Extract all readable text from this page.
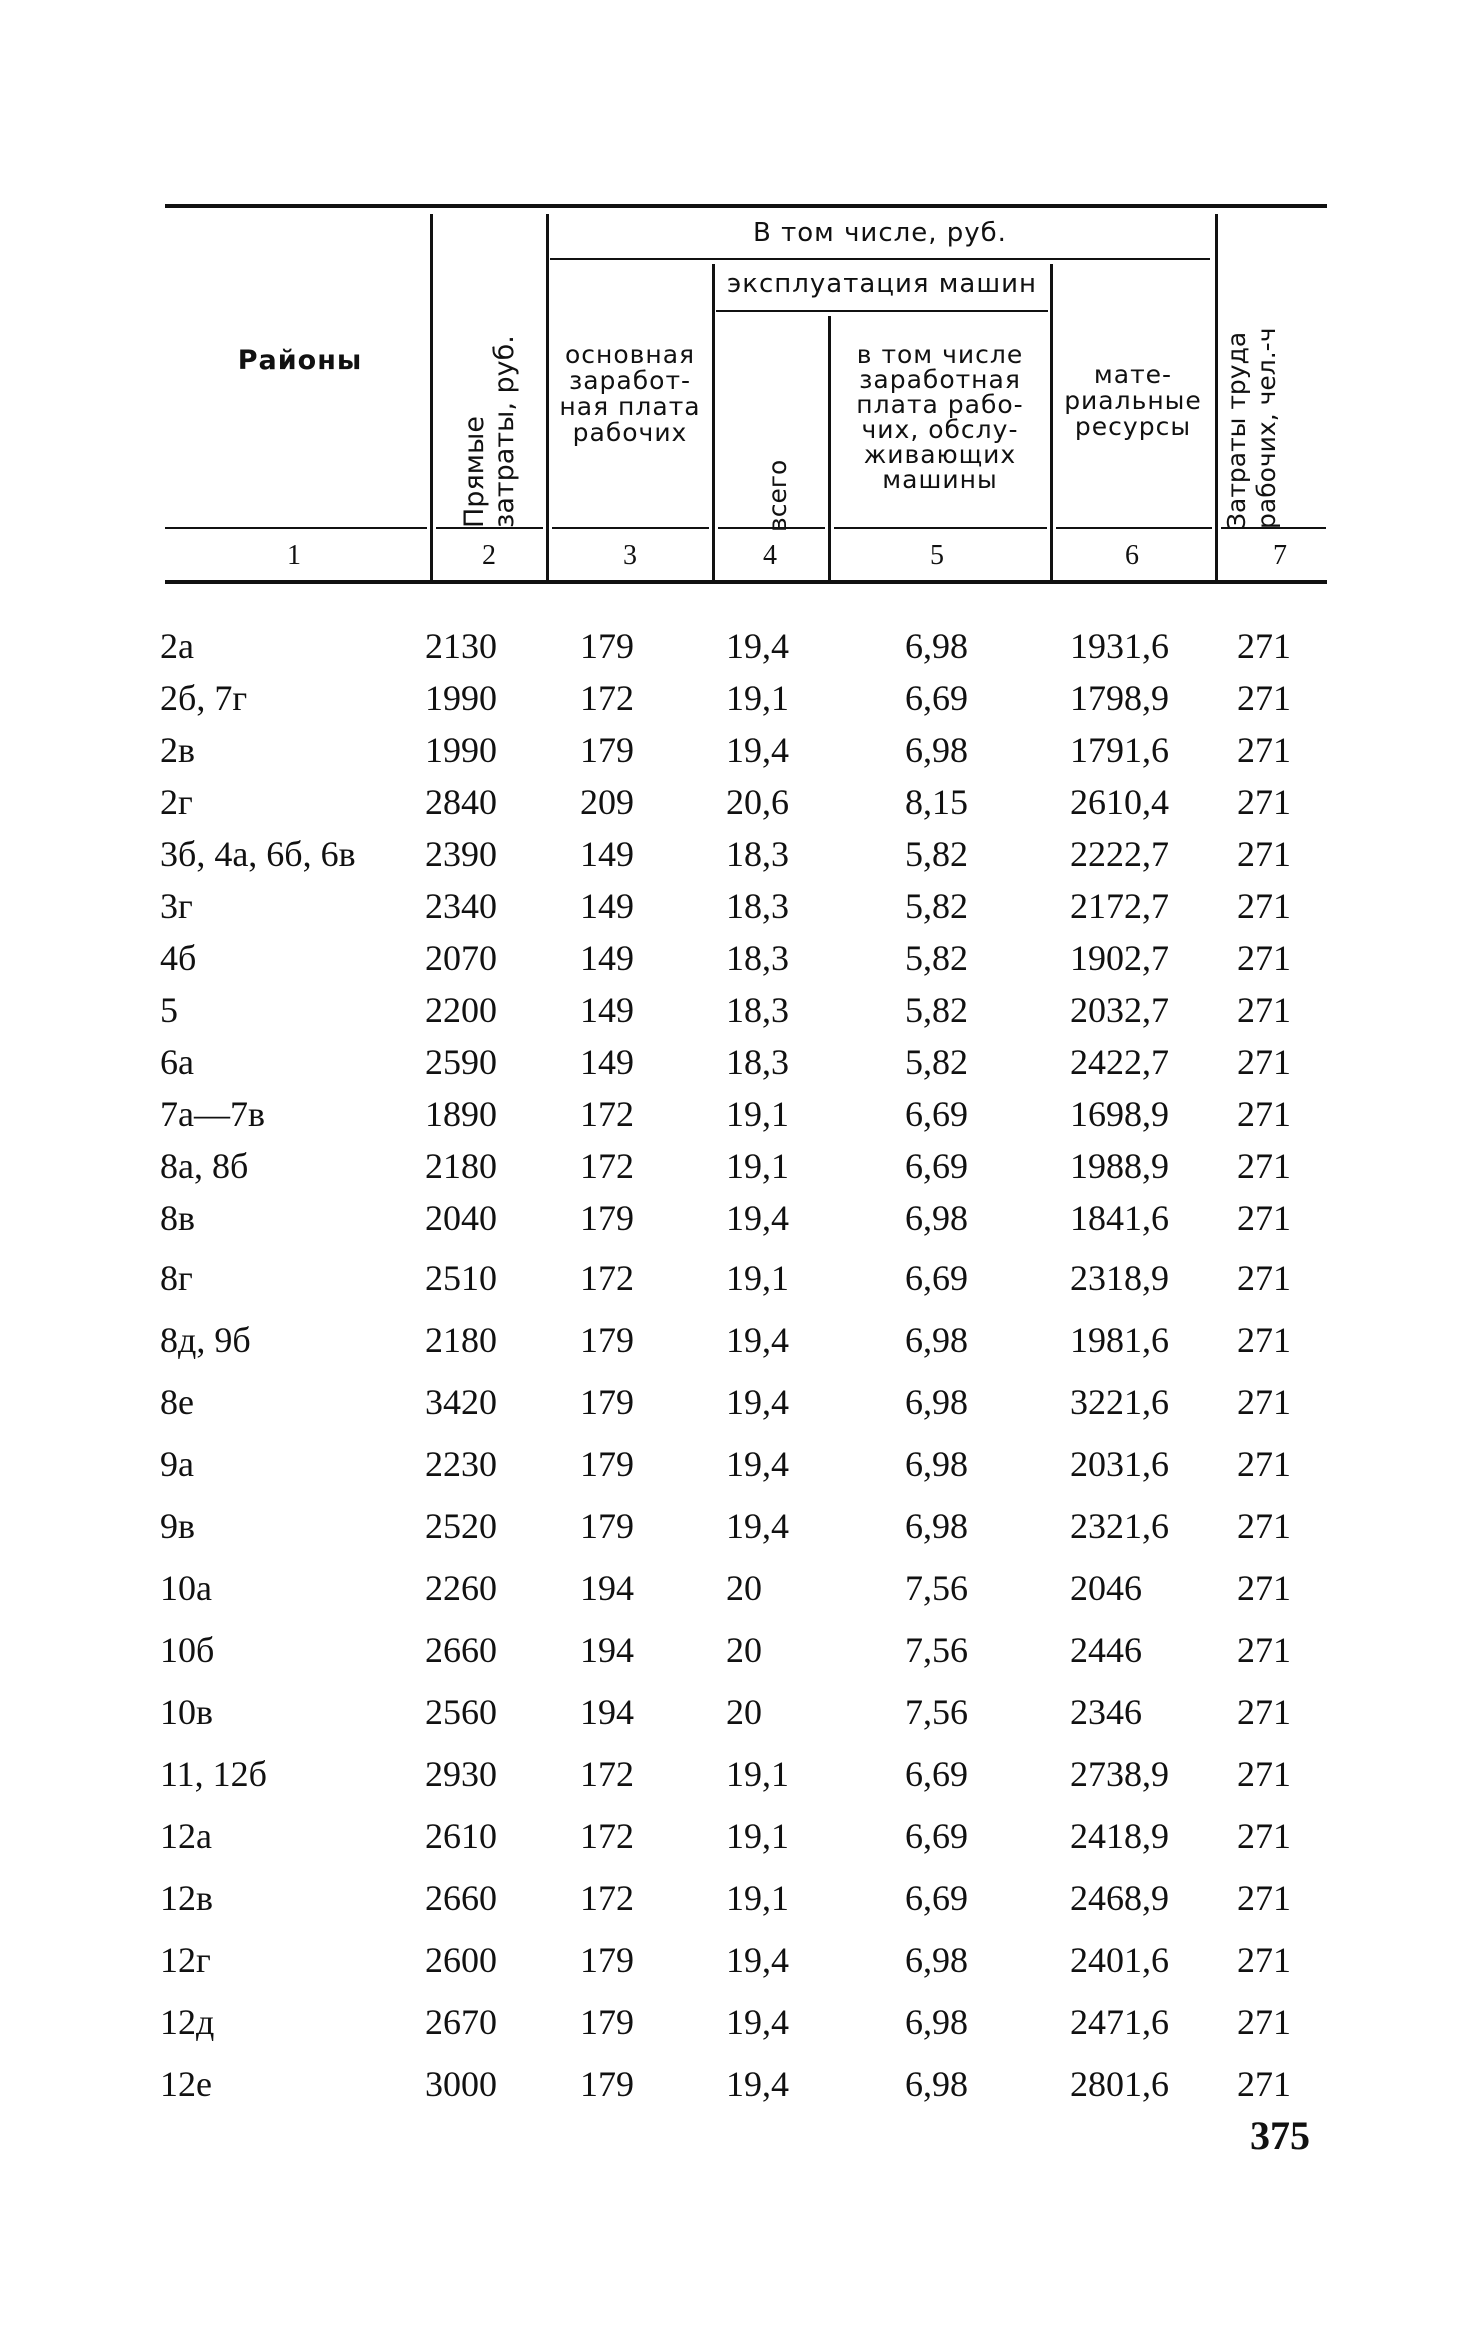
Районы
Прямые
затраты, руб.
В том числе, руб.
основная
заработ-
ная плата
рабочих
эксплуатация машин
всего
в том числе
заработная
плата рабо-
чих, обслу-
живающих
машины
мате-
риальные
ресурсы	Затраты труда
рабочих, чел.-ч
1	2	3	4	5	6	7
2а	2130 179	19,4	6,98	1931,6 271
2б, 7г	1990 172	19,1	6,69	1798,9 271
2в	1990 179	19,4	6,98	1791,6 271
2г	2840 209	20,6	8,15	2610,4 271
3б, 4а, 6б, 6в 2390 149	18,3	5,82	2222,7 271
3г	2340 149	18,3	5,82	2172,7 271
4б	2070 149	18,3	5,82	1902,7 271
5	2200 149	18,3	5,82	2032,7 271
6а	2590 149	18,3	5,82	2422,7 271
7а—7в	1890 172	19,1	6,69	1698,9 271
8а, 8б	2180 172	19,1	6,69	1988,9 271
8в	2040 179	19,4	6,98	1841,6 271
8г	2510 172	19,1	6,69	2318,9 271
8д, 9б	2180 179	19,4	6,98	1981,6 271
8е	3420 179	19,4	6,98	3221,6 271
9а	2230 179	19,4	6,98	2031,6 271
9в	2520 179	19,4	6,98	2321,6 271
10а	2260 194	20	7,56	2046	271
10б	2660 194	20	7,56	2446	271
10в	2560 194	20	7,56	2346	271
11, 12б	2930 172	19,1	6,69	2738,9 271
12а	2610 172	19,1	6,69	2418,9 271
12в	2660 172	19,1	6,69	2468,9 271
12г	2600 179	19,4	6,98	2401,6 271
12д	2670 179	19,4	6,98	2471,6 271
12е	3000 179	19,4	6,98	2801,6 271
375
